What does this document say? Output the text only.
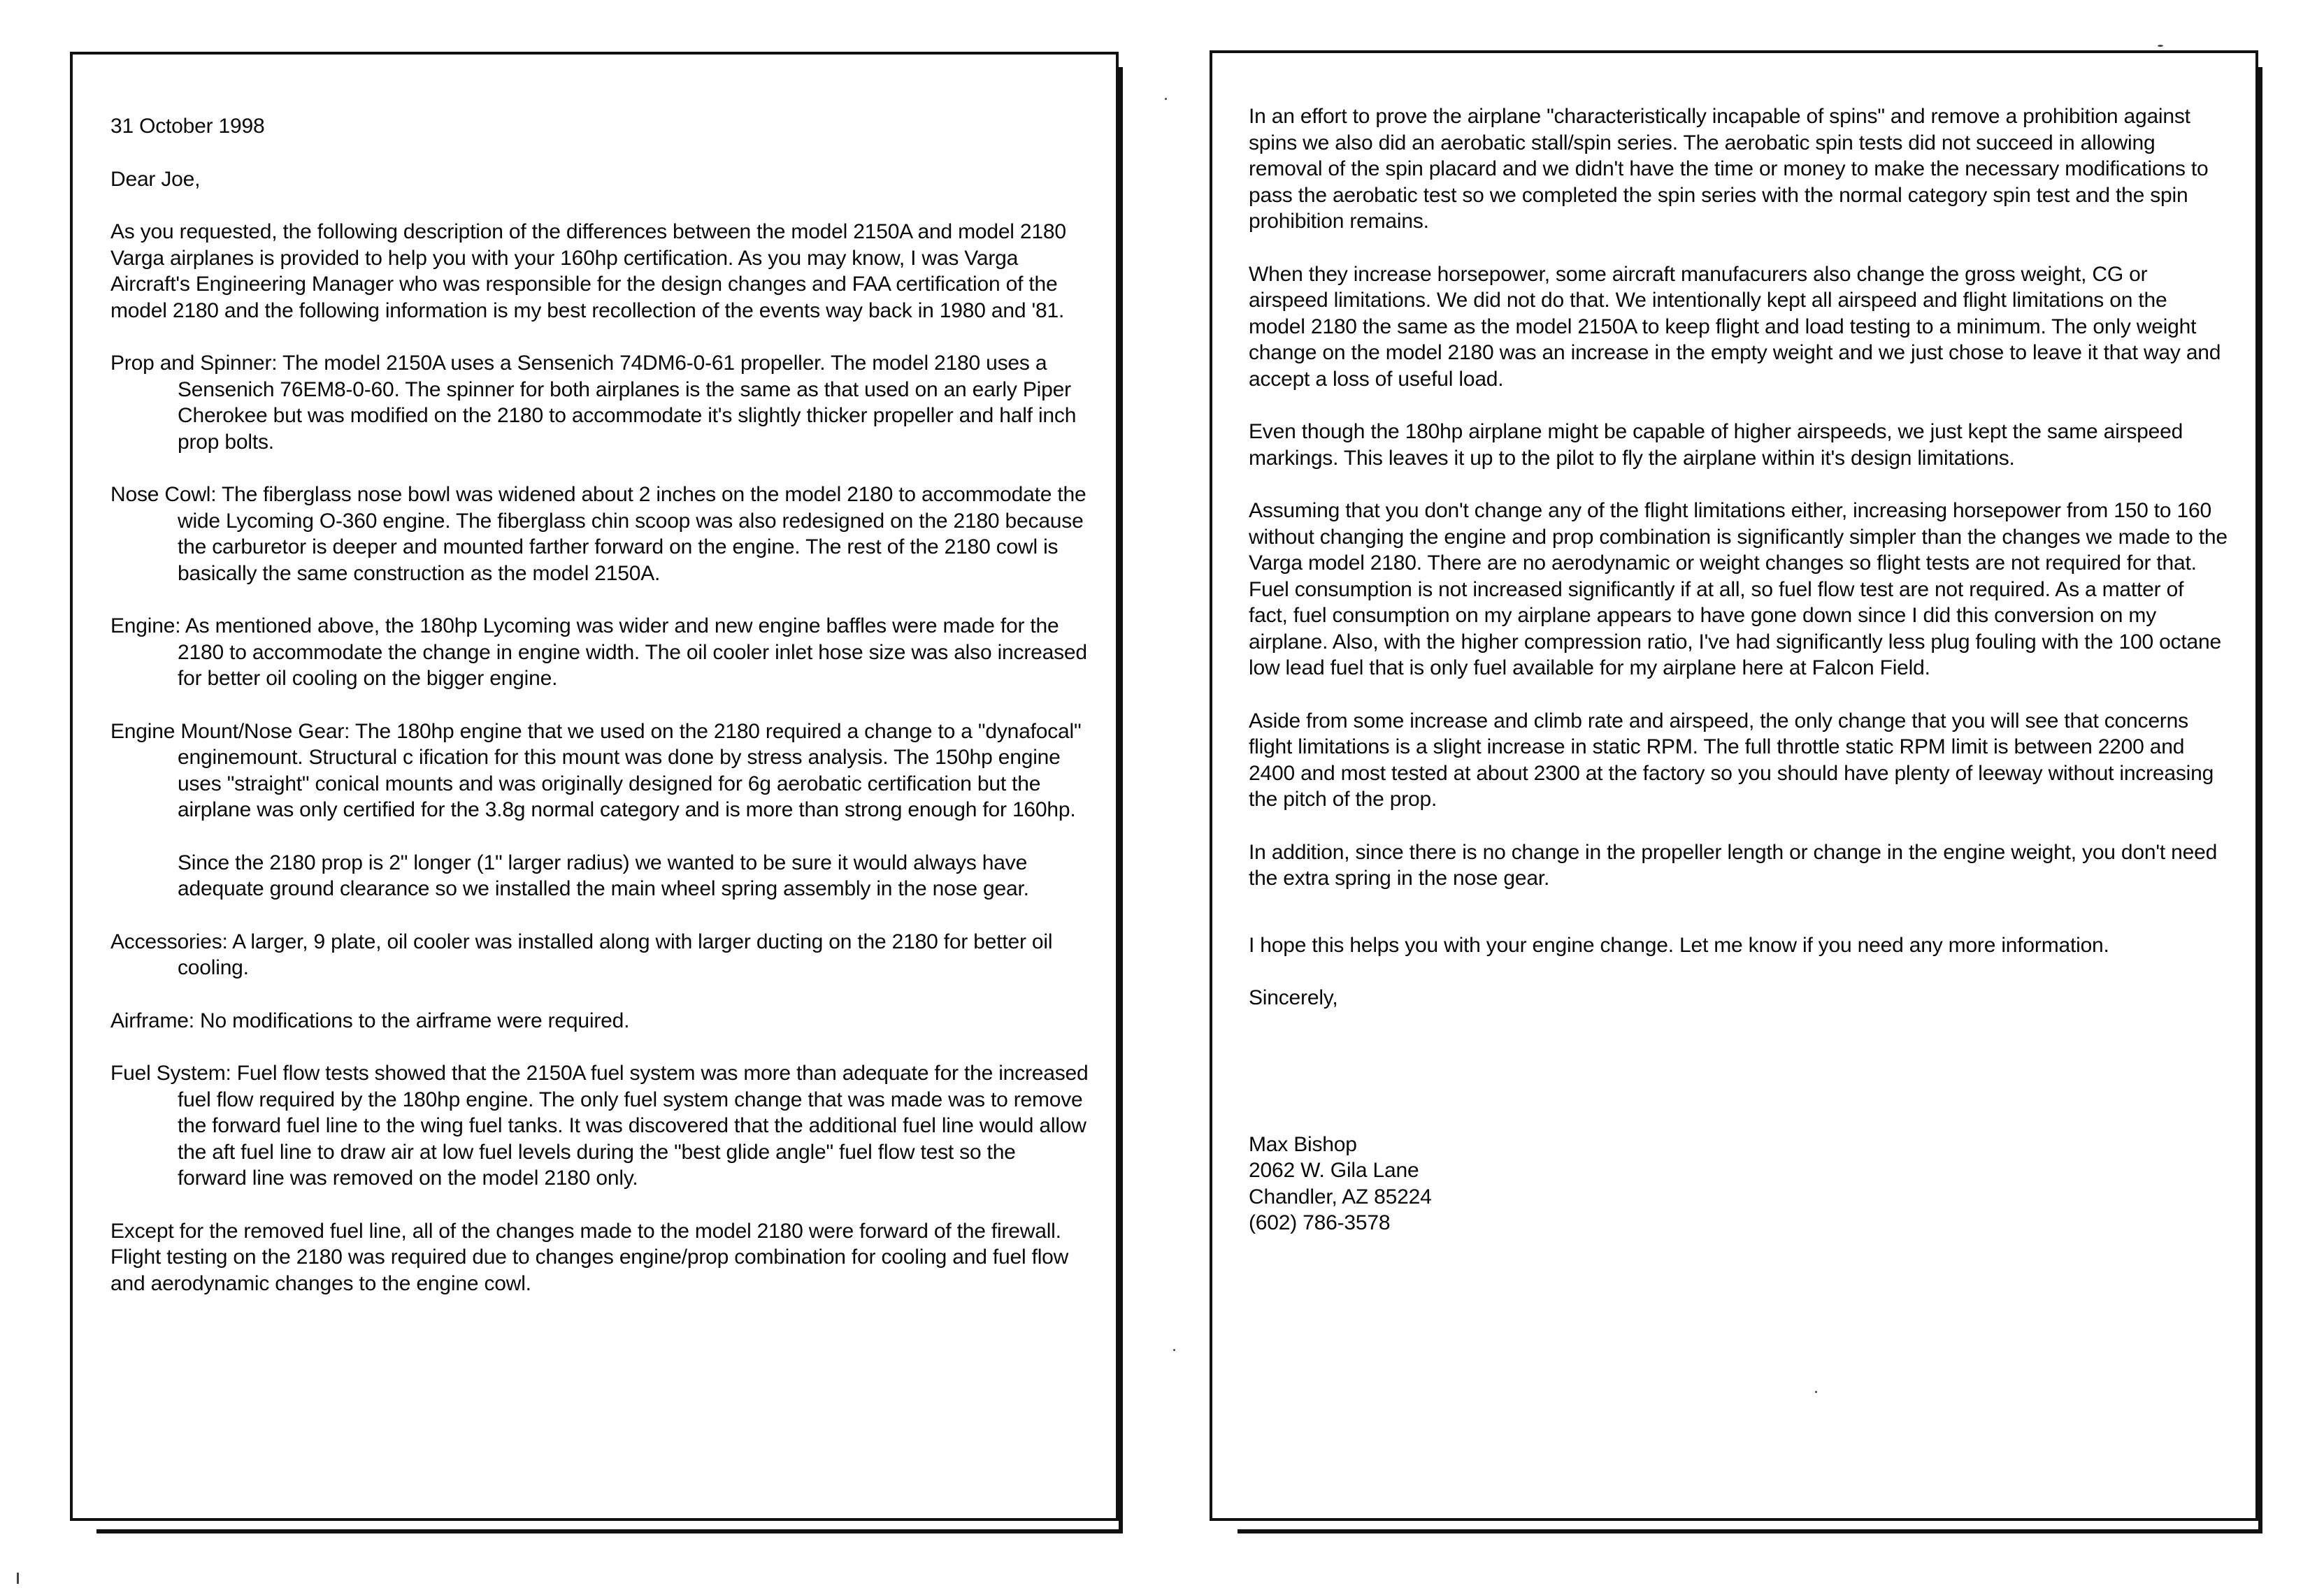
31 October 1998

Dear Joe,

As you requested, the following description of the differences between the model 2150A and model 2180 Varga airplanes is provided to help you with your 160hp certification. As you may know, I was Varga Aircraft's Engineering Manager who was responsible for the design changes and FAA certification of the model 2180 and the following information is my best recollection of the events way back in 1980 and '81.

Prop and Spinner: The model 2150A uses a Sensenich 74DM6-0-61 propeller. The model 2180 uses a Sensenich 76EM8-0-60. The spinner for both airplanes is the same as that used on an early Piper Cherokee but was modified on the 2180 to accommodate it's slightly thicker propeller and half inch prop bolts.

Nose Cowl: The fiberglass nose bowl was widened about 2 inches on the model 2180 to accommodate the wide Lycoming O-360 engine. The fiberglass chin scoop was also redesigned on the 2180 because the carburetor is deeper and mounted farther forward on the engine. The rest of the 2180 cowl is basically the same construction as the model 2150A.

Engine: As mentioned above, the 180hp Lycoming was wider and new engine baffles were made for the 2180 to accommodate the change in engine width. The oil cooler inlet hose size was also increased for better oil cooling on the bigger engine.

Engine Mount/Nose Gear: The 180hp engine that we used on the 2180 required a change to a "dynafocal" enginemount. Structural c ification for this mount was done by stress analysis. The 150hp engine uses "straight" conical mounts and was originally designed for 6g aerobatic certification but the airplane was only certified for the 3.8g normal category and is more than strong enough for 160hp.

Since the 2180 prop is 2" longer (1" larger radius) we wanted to be sure it would always have adequate ground clearance so we installed the main wheel spring assembly in the nose gear.

Accessories: A larger, 9 plate, oil cooler was installed along with larger ducting on the 2180 for better oil cooling.

Airframe: No modifications to the airframe were required.

Fuel System: Fuel flow tests showed that the 2150A fuel system was more than adequate for the increased fuel flow required by the 180hp engine. The only fuel system change that was made was to remove the forward fuel line to the wing fuel tanks. It was discovered that the additional fuel line would allow the aft fuel line to draw air at low fuel levels during the "best glide angle" fuel flow test so the forward line was removed on the model 2180 only.

Except for the removed fuel line, all of the changes made to the model 2180 were forward of the firewall. Flight testing on the 2180 was required due to changes engine/prop combination for cooling and fuel flow and aerodynamic changes to the engine cowl.

In an effort to prove the airplane "characteristically incapable of spins" and remove a prohibition against spins we also did an aerobatic stall/spin series. The aerobatic spin tests did not succeed in allowing removal of the spin placard and we didn't have the time or money to make the necessary modifications to pass the aerobatic test so we completed the spin series with the normal category spin test and the spin prohibition remains.

When they increase horsepower, some aircraft manufacurers also change the gross weight, CG or airspeed limitations. We did not do that. We intentionally kept all airspeed and flight limitations on the model 2180 the same as the model 2150A to keep flight and load testing to a minimum. The only weight change on the model 2180 was an increase in the empty weight and we just chose to leave it that way and accept a loss of useful load.

Even though the 180hp airplane might be capable of higher airspeeds, we just kept the same airspeed markings. This leaves it up to the pilot to fly the airplane within it's design limitations.

Assuming that you don't change any of the flight limitations either, increasing horsepower from 150 to 160 without changing the engine and prop combination is significantly simpler than the changes we made to the Varga model 2180. There are no aerodynamic or weight changes so flight tests are not required for that. Fuel consumption is not increased significantly if at all, so fuel flow test are not required. As a matter of fact, fuel consumption on my airplane appears to have gone down since I did this conversion on my airplane. Also, with the higher compression ratio, I've had significantly less plug fouling with the 100 octane low lead fuel that is only fuel available for my airplane here at Falcon Field.

Aside from some increase and climb rate and airspeed, the only change that you will see that concerns flight limitations is a slight increase in static RPM. The full throttle static RPM limit is between 2200 and 2400 and most tested at about 2300 at the factory so you should have plenty of leeway without increasing the pitch of the prop.

In addition, since there is no change in the propeller length or change in the engine weight, you don't need the extra spring in the nose gear.

I hope this helps you with your engine change. Let me know if you need any more information.

Sincerely,

Max Bishop

2062 W. Gila Lane

Chandler, AZ 85224

(602) 786-3578
